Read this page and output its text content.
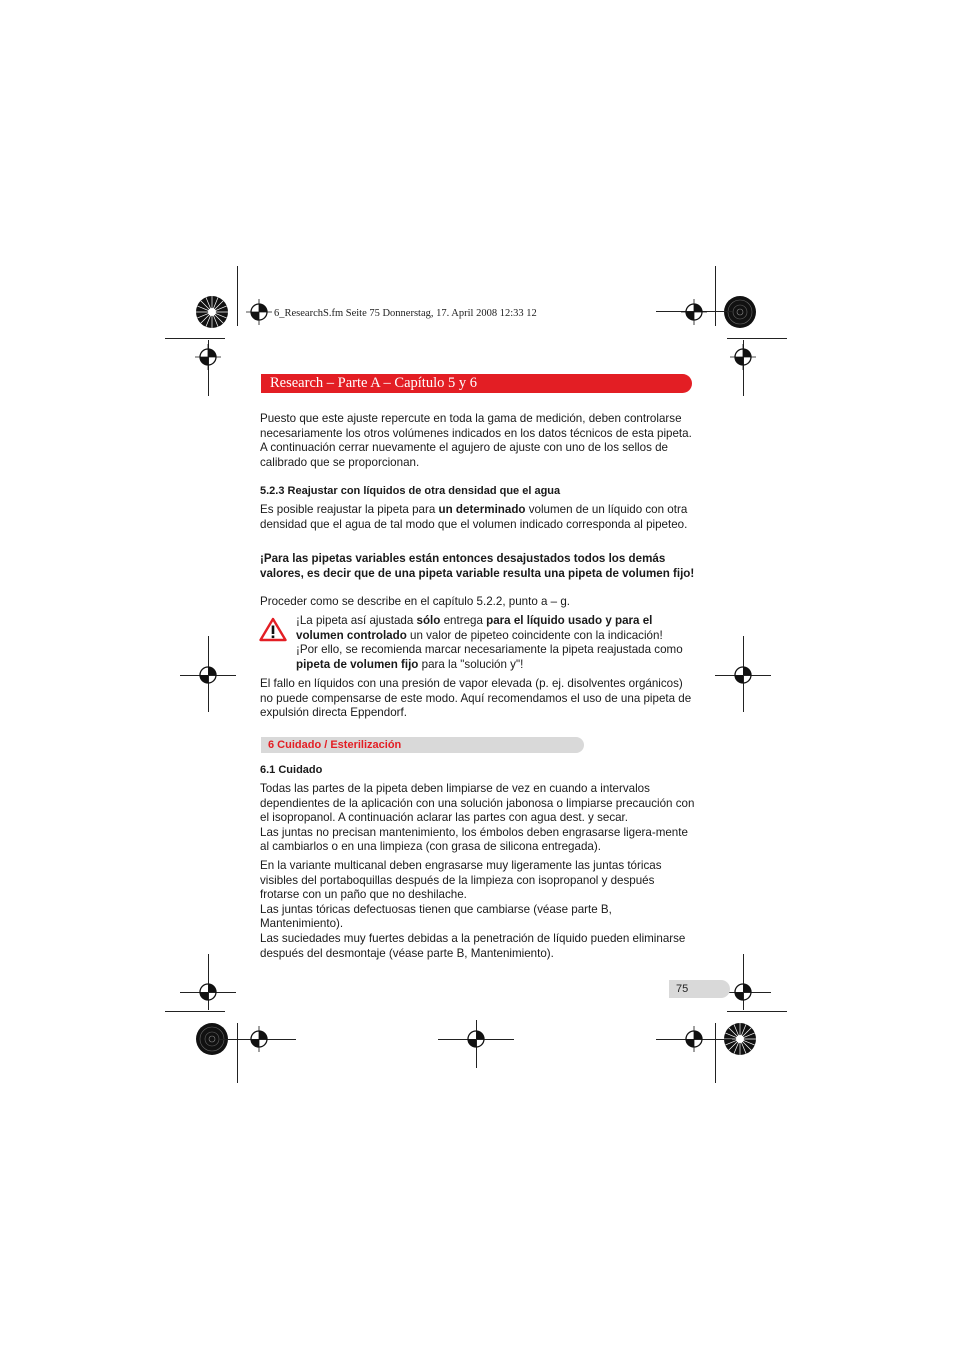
6_ResearchS.fm Seite 75 Donnerstag, 17. April 2008 12:33 12
Research – Parte A – Capítulo 5 y 6

Puesto que este ajuste repercute en toda la gama de medición, deben controlarse necesariamente los otros volúmenes indicados en los datos técnicos de esta pipeta. A continuación cerrar nuevamente el agujero de ajuste con uno de los sellos de calibrado que se proporcionan.

5.2.3 Reajustar con líquidos de otra densidad que el agua

Es posible reajustar la pipeta para un determinado volumen de un líquido con otra densidad que el agua de tal modo que el volumen indicado corresponda al pipeteo.

¡Para las pipetas variables están entonces desajustados todos los demás valores, es decir que de una pipeta variable resulta una pipeta de volumen fijo!

Proceder como se describe en el capítulo 5.2.2, punto a – g.

¡La pipeta así ajustada sólo entrega para el líquido usado y para el volumen controlado un valor de pipeteo coincidente con la indicación!
¡Por ello, se recomienda marcar necesariamente la pipeta reajustada como pipeta de volumen fijo para la "solución y"!

El fallo en líquidos con una presión de vapor elevada (p. ej. disolventes orgánicos) no puede compensarse de este modo. Aquí recomendamos el uso de una pipeta de expulsión directa Eppendorf.

6 Cuidado / Esterilización
6.1 Cuidado

Todas las partes de la pipeta deben limpiarse de vez en cuando a intervalos dependientes de la aplicación con una solución jabonosa o limpiarse precaución con el isopropanol. A continuación aclarar las partes con agua dest. y secar.

Las juntas no precisan mantenimiento, los émbolos deben engrasarse ligera-mente al cambiarlos o en una limpieza (con grasa de silicona entregada).

En la variante multicanal deben engrasarse muy ligeramente las juntas tóricas visibles del portaboquillas después de la limpieza con isopropanol y después frotarse con un paño que no deshilache.

Las juntas tóricas defectuosas tienen que cambiarse (véase parte B, Mantenimiento).

Las suciedades muy fuertes debidas a la penetración de líquido pueden eliminarse después del desmontaje (véase parte B, Mantenimiento).

75
